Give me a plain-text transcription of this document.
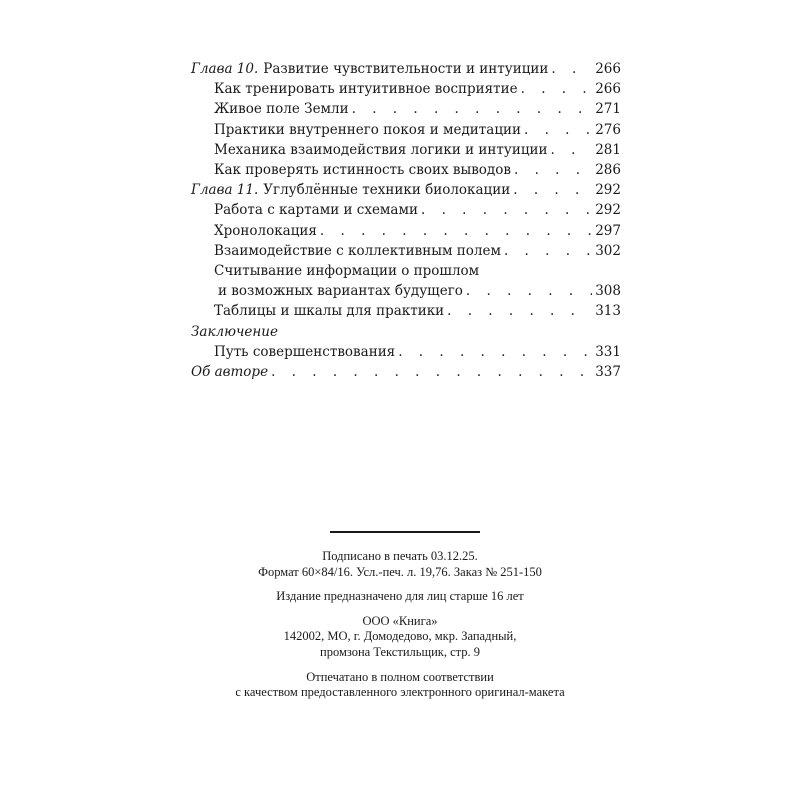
Глава 10. Развитие чувствительности и интуиции . . .	266
Как тренировать интуитивное восприятие . . .	266
Живое поле Земли . . .	271
Практики внутреннего покоя и медитации . . .	276
Механика взаимодействия логики и интуиции . . .	281
Как проверять истинность своих выводов . . .	286
Глава 11. Углублённые техники биолокации . . .	292
Работа с картами и схемами . . .	292
Хронолокация . . .	297
Взаимодействие с коллективным полем . . .	302
Считывание информации о прошлом
и возможных вариантах будущего . . .	308
Таблицы и шкалы для практики . . .	313
Заключение
Путь совершенствования . . .	331
Об авторе . . .	337
Подписано в печать 03.12.25.
Формат 60×84/16. Усл.-печ. л. 19,76. Заказ № 251-150
Издание предназначено для лиц старше 16 лет
ООО «Книга»
142002, МО, г. Домодедово, мкр. Западный,
промзона Текстильщик, стр. 9
Отпечатано в полном соответствии
с качеством предоставленного электронного оригинал-макета
